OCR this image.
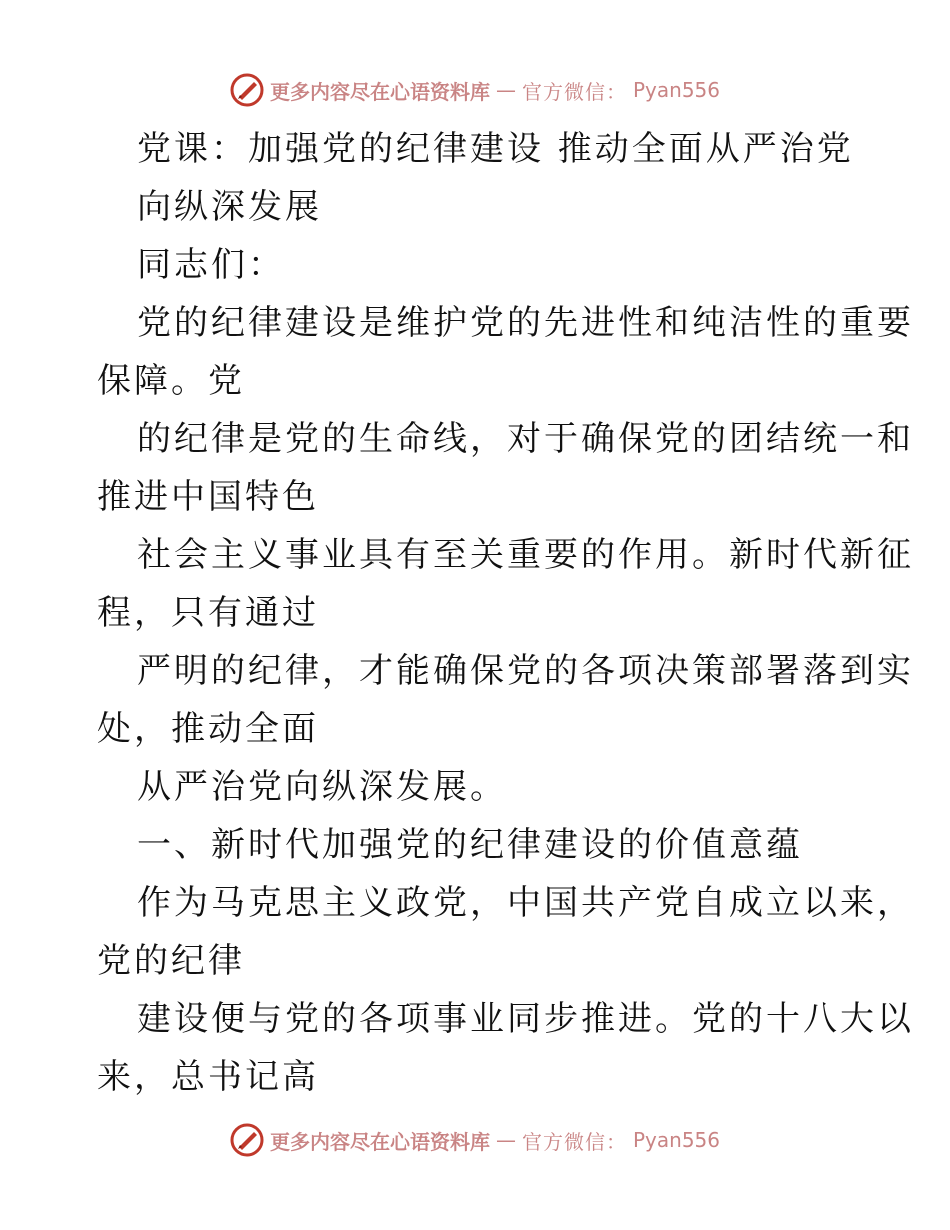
更多内容尽在心语资料库 — 官方微信： Pyan556
党课：加强党的纪律建设 推动全面从严治党
向纵深发展
同志们：
党的纪律建设是维护党的先进性和纯洁性的重要
保障。党
的纪律是党的生命线，对于确保党的团结统一和
推进中国特色
社会主义事业具有至关重要的作用。新时代新征
程，只有通过
严明的纪律，才能确保党的各项决策部署落到实
处，推动全面
从严治党向纵深发展。
一、新时代加强党的纪律建设的价值意蕴
作为马克思主义政党，中国共产党自成立以来，
党的纪律
建设便与党的各项事业同步推进。党的十八大以
来，总书记高
更多内容尽在心语资料库 — 官方微信： Pyan556
